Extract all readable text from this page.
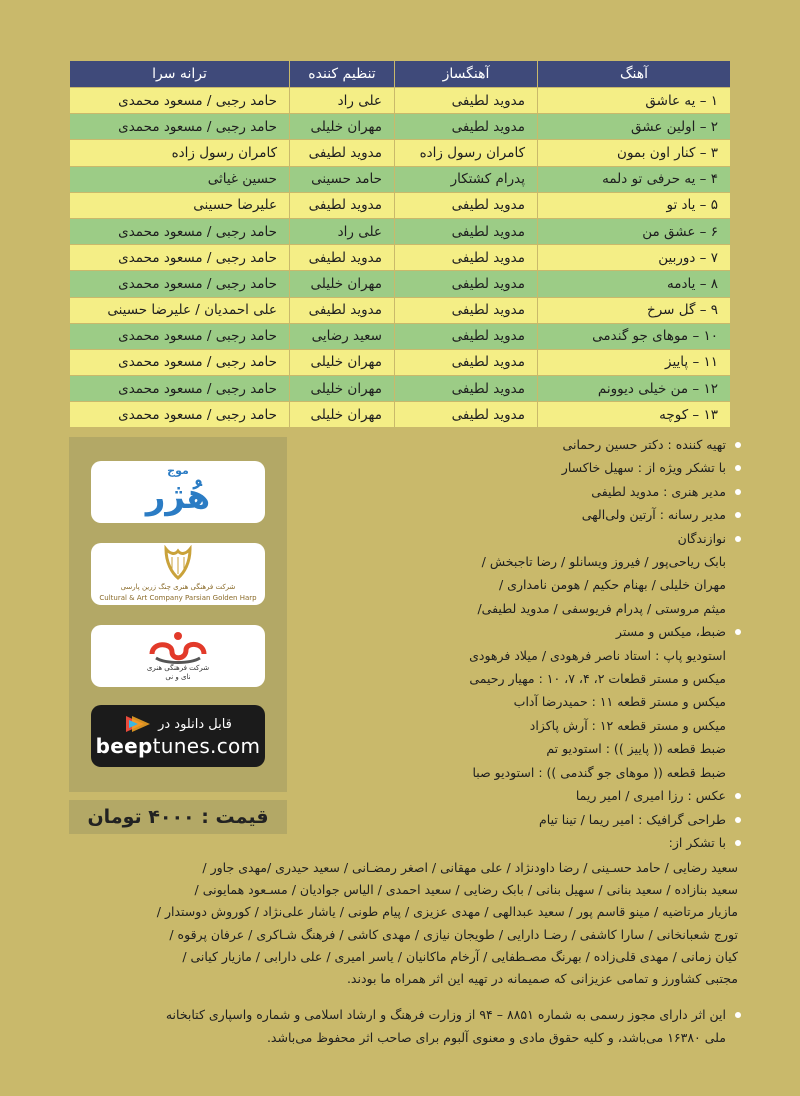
آهنگ	آهنگساز	تنظیم کننده	ترانه سرا
۱ – یه عاشق	مدوید لطیفی	علی راد	حامد رجبی / مسعود محمدی
۲ – اولین عشق	مدوید لطیفی	مهران خلیلی	حامد رجبی / مسعود محمدی
۳ – کنار اون بمون	کامران رسول زاده	مدوید لطیفی	کامران رسول زاده
۴ – یه حرفی تو دلمه	پدرام کشتکار	حامد حسینی	حسین غیاثی
۵ – یاد تو	مدوید لطیفی	مدوید لطیفی	علیرضا حسینی
۶ – عشق من	مدوید لطیفی	علی راد	حامد رجبی / مسعود محمدی
۷ – دوربین	مدوید لطیفی	مدوید لطیفی	حامد رجبی / مسعود محمدی
۸ – یادمه	مدوید لطیفی	مهران خلیلی	حامد رجبی / مسعود محمدی
۹ – گل سرخ	مدوید لطیفی	مدوید لطیفی	علی احمدیان / علیرضا حسینی
۱۰ – موهای جو گندمی	مدوید لطیفی	سعید رضایی	حامد رجبی / مسعود محمدی
۱۱ – پاییز	مدوید لطیفی	مهران خلیلی	حامد رجبی / مسعود محمدی
۱۲ – من خیلی دیوونم	مدوید لطیفی	مهران خلیلی	حامد رجبی / مسعود محمدی
۱۳ – کوچه	مدوید لطیفی	مهران خلیلی	حامد رجبی / مسعود محمدی
موج
هُژر
شرکت فرهنگی هنری چنگ زرین پارسی
Cultural & Art Company Parsian Golden Harp
شرکت فرهنگی هنری
نای و نی
قابل دانلود در
beeptunes.com
قیمت : ۴۰۰۰ تومان
تهیه کننده : دکتر حسین رحمانی
با تشکر ویژه از : سهیل خاکسار
مدیر هنری : مدوید لطیفی
مدیر رسانه : آرتین ولی‌الهی
نوازندگان
بابک ریاحی‌پور / فیروز ویسانلو / رضا تاجبخش /
مهران خلیلی / بهنام حکیم / هومن نامداری /
میثم مروستی / پدرام فریوسفی / مدوید لطیفی/
ضبط، میکس و مستر
استودیو پاپ : استاد ناصر فرهودی / میلاد فرهودی
میکس و مستر قطعات ۲، ۴، ۷، ۱۰ : مهیار رحیمی
میکس و مستر قطعه ۱۱ : حمیدرضا آداب
میکس و مستر قطعه ۱۲ : آرش پاکزاد
ضبط قطعه (( پاییز )) : استودیو تم
ضبط قطعه (( موهای جو گندمی )) : استودیو صبا
عکس : رزا امیری / امیر ریما
طراحی گرافیک : امیر ریما / تینا تیام
با تشکر از:
سعید رضایی / حامد حسـینی / رضا داودنژاد / علی مهقانی / اصغر رمضـانی / سعید حیدری /مهدی جاور /
سعید بنازاده / سعید بنانی / سهیل بنانی / بابک رضایی / سعید احمدی / الیاس جوادیان / مسـعود همایونی /
مازیار مرتاضیه / مینو قاسم پور / سعید عبدالهی / مهدی عزیزی / پیام طونی / یاشار علی‌نژاد / کوروش دوستدار /
تورج شعبانخانی / سارا کاشفی / رضـا دارایی / طویجان نیازی / مهدی کاشی / فرهنگ شـاکری / عرفان پرقوه /
کیان زمانی / مهدی قلی‌زاده / بهرنگ مصـطفایی / آرخام ماکانیان / یاسر امیری / علی دارابی / مازیار کیانی /
مجتبی کشاورز و تمامی عزیزانی که صمیمانه در تهیه این اثر همراه ما بودند.
این اثر دارای مجوز رسمی به شماره ۸۸۵۱ – ۹۴ از وزارت فرهنگ و ارشاد اسلامی و شماره واسپاری کتابخانه
ملی ۱۶۳۸۰ می‌باشد، و کلیه حقوق مادی و معنوی آلبوم برای صاحب اثر محفوظ می‌باشد.
